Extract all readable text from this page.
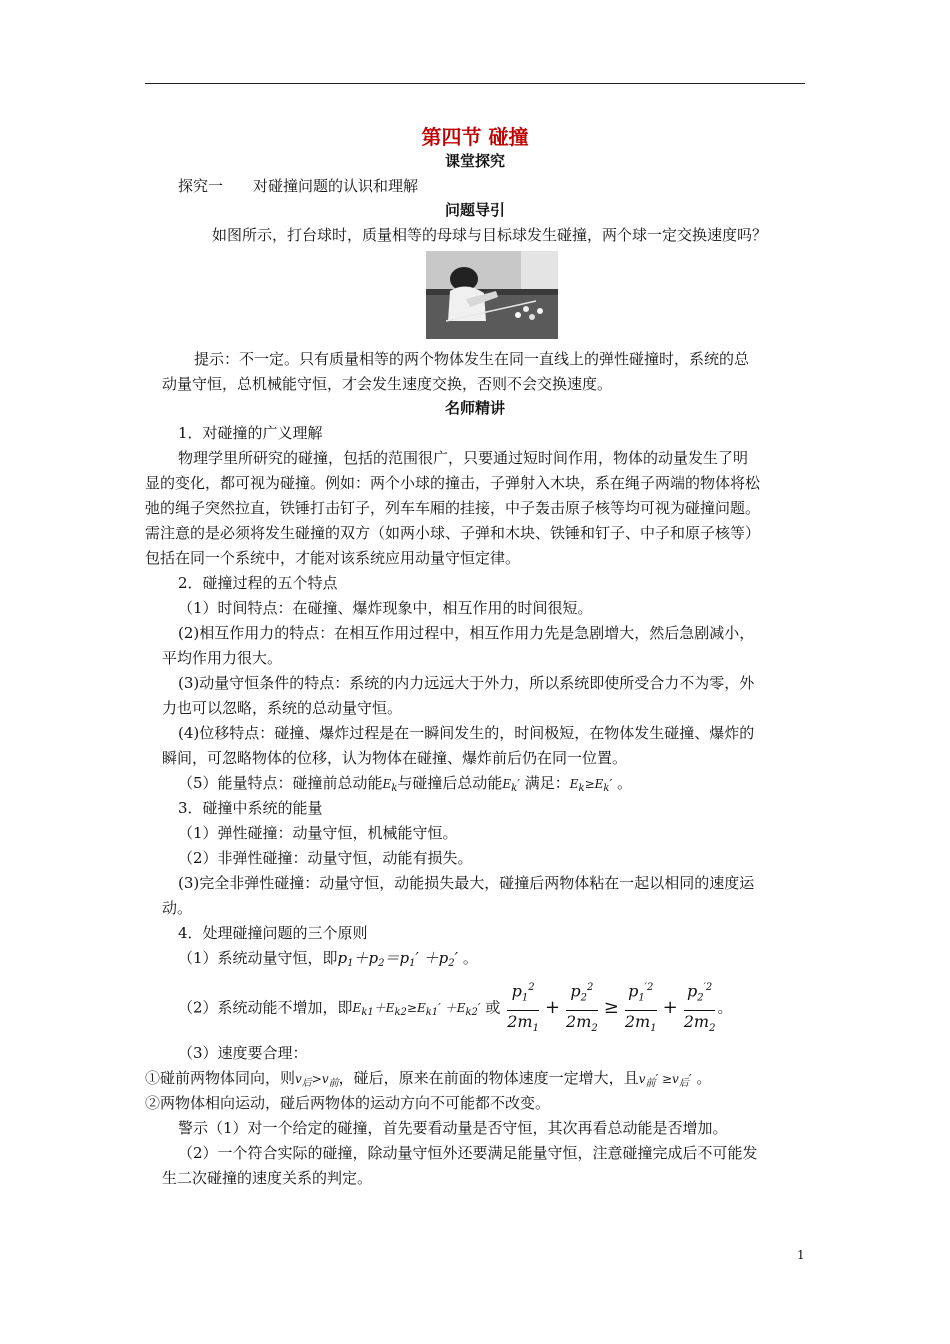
第四节 碰撞
课堂探究
探究一　　对碰撞问题的认识和理解
问题导引
如图所示，打台球时，质量相等的母球与目标球发生碰撞，两个球一定交换速度吗？
提示：不一定。只有质量相等的两个物体发生在同一直线上的弹性碰撞时，系统的总
动量守恒，总机械能守恒，才会发生速度交换，否则不会交换速度。
名师精讲
1．对碰撞的广义理解
物理学里所研究的碰撞，包括的范围很广，只要通过短时间作用，物体的动量发生了明
显的变化，都可视为碰撞。例如：两个小球的撞击，子弹射入木块，系在绳子两端的物体将松
弛的绳子突然拉直，铁锤打击钉子，列车车厢的挂接，中子轰击原子核等均可视为碰撞问题。
需注意的是必须将发生碰撞的双方（如两小球、子弹和木块、铁锤和钉子、中子和原子核等）
包括在同一个系统中，才能对该系统应用动量守恒定律。
2．碰撞过程的五个特点
（1）时间特点：在碰撞、爆炸现象中，相互作用的时间很短。
(2)相互作用力的特点：在相互作用过程中，相互作用力先是急剧增大，然后急剧减小，
平均作用力很大。
(3)动量守恒条件的特点：系统的内力远远大于外力，所以系统即使所受合力不为零，外
力也可以忽略，系统的总动量守恒。
(4)位移特点：碰撞、爆炸过程是在一瞬间发生的，时间极短，在物体发生碰撞、爆炸的
瞬间，可忽略物体的位移，认为物体在碰撞、爆炸前后仍在同一位置。
（5）能量特点：碰撞前总动能$E_k$与碰撞后总动能$E_k'$ 满足：$E_k\ge E_k'$ 。
3．碰撞中系统的能量
（1）弹性碰撞：动量守恒，机械能守恒。
（2）非弹性碰撞：动量守恒，动能有损失。
(3)完全非弹性碰撞：动量守恒，动能损失最大，碰撞后两物体粘在一起以相同的速度运
动。
4．处理碰撞问题的三个原则
（1）系统动量守恒，即$p_1+p_2=p_1' +p_2'$ 。
（2）系统动能不增加，即$E_{k1}+E_{k2}\ge E_{k1}' +E_{k2}'$ 或 $\frac{p_1^2}{2m_1} + \frac{p_2^2}{2m_2} \ge \frac{p_1^{'2}}{2m_1} + \frac{p_2^{'2}}{2m_2}$ 。
（3）速度要合理：
①碰前两物体同向，则$v_后>v_前$，碰后，原来在前面的物体速度一定增大，且$v_前' \ge v_后'$ 。
②两物体相向运动，碰后两物体的运动方向不可能都不改变。
警示（1）对一个给定的碰撞，首先要看动量是否守恒，其次再看总动能是否增加。
（2）一个符合实际的碰撞，除动量守恒外还要满足能量守恒，注意碰撞完成后不可能发
生二次碰撞的速度关系的判定。
1
